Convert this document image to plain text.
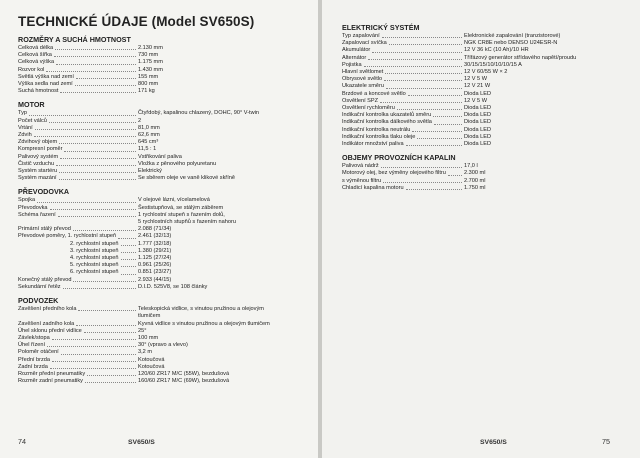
TECHNICKÉ ÚDAJE (Model SV650S)
ROZMĚRY A SUCHÁ HMOTNOST
Celková délka	2.130 mm
Celková šířka	730 mm
Celková výška	1.175 mm
Rozvor kol	1.430 mm
Světlá výška nad zemí	155 mm
Výška sedla nad zemí	800 mm
Suchá hmotnost	171 kg
MOTOR
Typ	Čtyřdobý, kapalinou chlazený, DOHC, 90° V-twin
Počet válců	2
Vrtání	81,0 mm
Zdvih	62,6 mm
Zdvihový objem	645 cm³
Kompresní poměr	11,5 : 1
Palivový systém	Vstřikování paliva
Čistič vzduchu	Vložka z pěnového polyuretanu
Systém startéru	Elektrický
Systém mazání	Se sběrem oleje ve vaně klikové skříně
PŘEVODOVKA
Spojka	V olejové lázni, vícelamelová
Převodovka	Šestistupňová, se stálým záběrem
Schéma řazení	1 rychlostní stupeň s řazením dolů,
5 rychlostních stupňů s řazením nahoru
Primární stálý převod	2.088 (71/34)
Převodové poměry, 1. rychlostní stupeň	2.461 (32/13)
2. rychlostní stupeň	1.777 (32/18)
3. rychlostní stupeň	1.380 (29/21)
4. rychlostní stupeň	1.125 (27/24)
5. rychlostní stupeň	0.961 (25/26)
6. rychlostní stupeň	0.851 (23/27)
Konečný stálý převod	2.933 (44/15)
Sekundární řetěz	D.I.D. 525V8, se 108 články
PODVOZEK
Zavěšení předního kola	Teleskopická vidlice, s vinutou pružinou a olejovým
tlumičem
Zavěšení zadního kola	Kyvná vidlice s vinutou pružinou a olejovým tlumičem
Úhel sklonu přední vidlice	25°
Závlek/stopa	100 mm
Úhel řízení	30° (vpravo a vlevo)
Poloměr otáčení	3,2 m
Přední brzda	Kotoučová
Zadní brzda	Kotoučová
Rozměr přední pneumatiky	120/60 ZR17 M/C (55W), bezdušová
Rozměr zadní pneumatiky	160/60 ZR17 M/C (69W), bezdušová
74	SV650/S
ELEKTRICKÝ SYSTÉM
Typ zapalování	Elektronické zapalování (tranzistorové)
Zapalovací svíčka	NGK CR8E nebo DENSO U24ESR-N
Akumulátor	12 V 36 kC (10 Ah)/10 HR
Alternátor	Třífázový generátor střídavého napětí/proudu
Pojistka	30/15/15/10/10/10/15 A
Hlavní světlomet	12 V 60/55 W × 2
Obrysové světlo	12 V 5 W
Ukazatele směru	12 V 21 W
Brzdové a koncové světlo	Dioda LED
Osvětlení SPZ	12 V 5 W
Osvětlení rychloměru	Dioda LED
Indikační kontrolka ukazatelů směru	Dioda LED
Indikační kontrolka dálkového světla	Dioda LED
Indikační kontrolka neutrálu	Dioda LED
Indikační kontrolka tlaku oleje	Dioda LED
Indikátor množství paliva	Dioda LED
OBJEMY PROVOZNÍCH KAPALIN
Palivová nádrž	17,0 l
Motorový olej, bez výměny olejového filtru	2.300 ml
s výměnou filtru	2.700 ml
Chladicí kapalina motoru	1.750 ml
SV650/S	75
